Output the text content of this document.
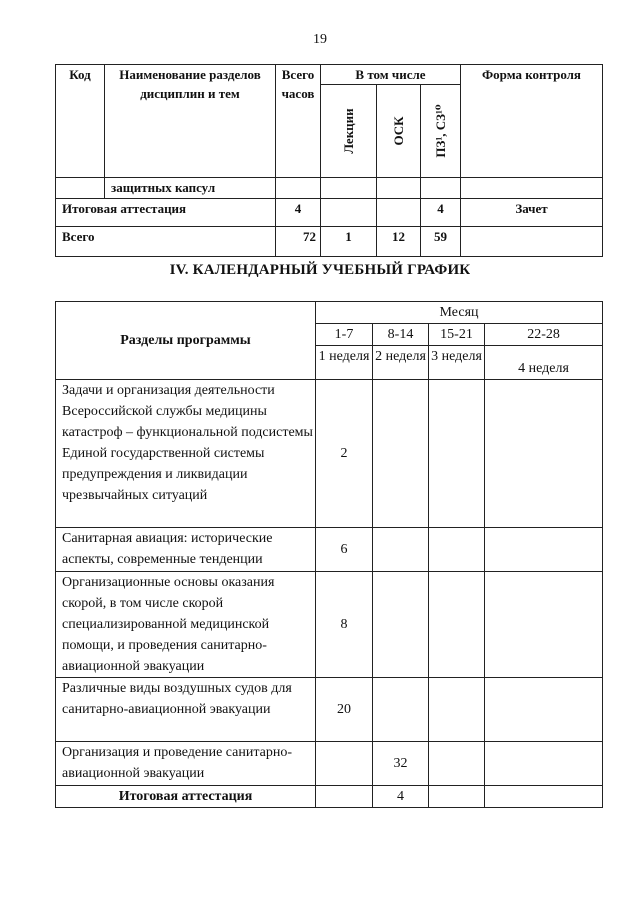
19
Код	Наименование разделов дисциплин и тем	Всего часов	В том числе			Форма контроля

			Лекции	ОСК	ПЗ¹, СЗ¹⁰	

	защитных капсул					
Итоговая аттестация		4			4	Зачет
Всего		72	1	12	59	
IV. КАЛЕНДАРНЫЙ УЧЕБНЫЙ ГРАФИК
Разделы программы	Месяц			
	1-7	8-14	15-21	22-28
	1 неделя	2 неделя	3 неделя	4 неделя
Задачи и организация деятельности Всероссийской службы медицины катастроф – функциональной подсистемы Единой государственной системы предупреждения и ликвидации чрезвычайных ситуаций	2			
Санитарная авиация: исторические аспекты, современные тенденции	6			
Организационные основы оказания скорой, в том числе скорой специализированной медицинской помощи, и проведения санитарно-авиационной эвакуации	8			
Различные виды воздушных судов для санитарно-авиационной эвакуации	20			
Организация и проведение санитарно-авиационной эвакуации		32		
Итоговая аттестация		4		
